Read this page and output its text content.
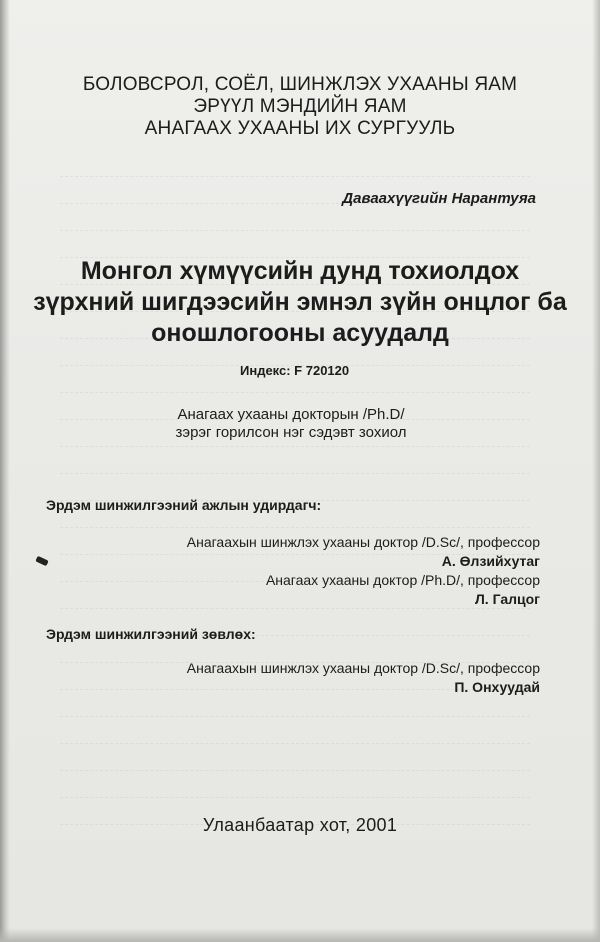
БОЛОВСРОЛ, СОЁЛ, ШИНЖЛЭХ УХААНЫ ЯАМ
ЭРҮҮЛ МЭНДИЙН ЯАМ
АНАГААХ УХААНЫ ИХ СУРГУУЛЬ
Даваахүүгийн Нарантуяа
Монгол хүмүүсийн дунд тохиолдох
зүрхний шигдээсийн эмнэл зүйн онцлог ба
оношлогооны асуудалд
Индекс: F 720120
Анагаах ухааны докторын /Ph.D/
зэрэг горилсон нэг сэдэвт зохиол
Эрдэм шинжилгээний ажлын удирдагч:
Анагаахын шинжлэх ухааны доктор /D.Sc/, профессор
А. Өлзийхутаг
Анагаах ухааны доктор /Ph.D/, профессор
Л. Галцог
Эрдэм шинжилгээний зөвлөх:
Анагаахын шинжлэх ухааны доктор /D.Sc/, профессор
П. Онхуудай
Улаанбаатар хот, 2001
